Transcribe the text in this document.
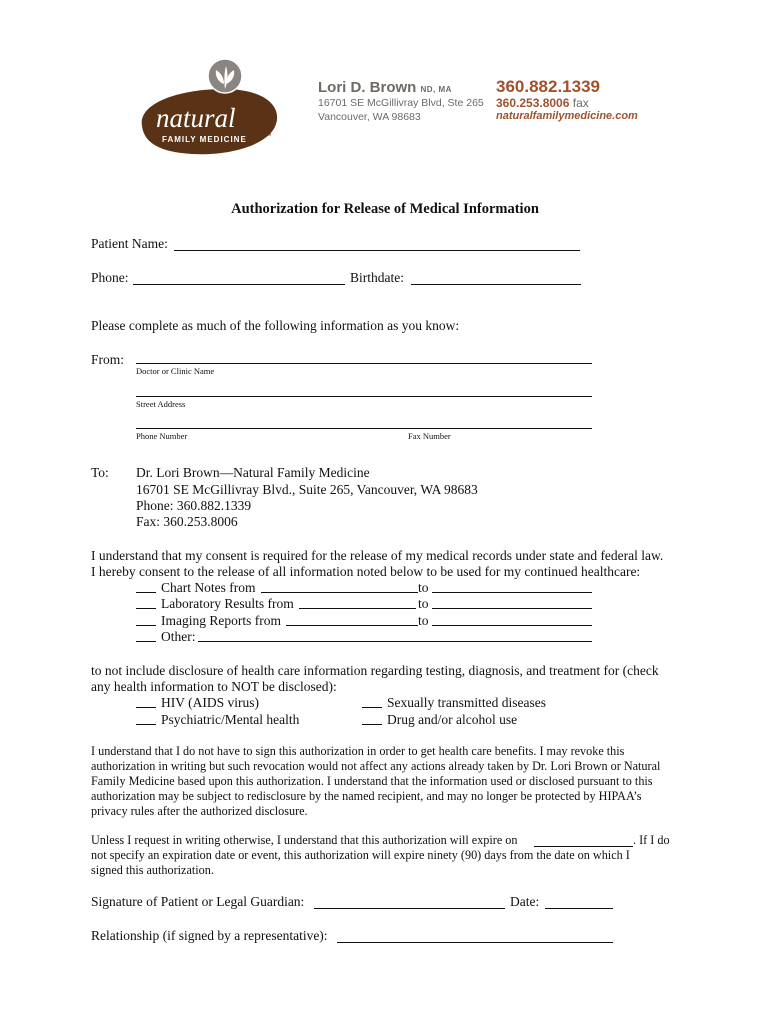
natural
FAMILY MEDICINE	TM
Lori D. Brown ND, MA
16701 SE McGillivray Blvd, Ste 265
Vancouver, WA 98683
360.882.1339
360.253.8006 fax
naturalfamilymedicine.com
Authorization for Release of Medical Information
Patient Name:
Phone:	Birthdate:
Please complete as much of the following information as you know:
From:
Doctor or Clinic Name
Street Address
Phone Number	Fax Number
To: Dr. Lori Brown—Natural Family Medicine
16701 SE McGillivray Blvd., Suite 265, Vancouver, WA 98683
Phone: 360.882.1339
Fax: 360.253.8006
I understand that my consent is required for the release of my medical records under state and federal law.
I hereby consent to the release of all information noted below to be used for my continued healthcare:
Chart Notes from	to
Laboratory Results from	to
Imaging Reports from	to
Other:
to not include disclosure of health care information regarding testing, diagnosis, and treatment for (check
any health information to NOT be disclosed):
HIV (AIDS virus)	Sexually transmitted diseases
Psychiatric/Mental health	Drug and/or alcohol use
I understand that I do not have to sign this authorization in order to get health care benefits. I may revoke this authorization in writing but such revocation would not affect any actions already taken by Dr. Lori Brown or Natural Family Medicine based upon this authorization. I understand that the information used or disclosed pursuant to this authorization may be subject to redisclosure by the named recipient, and may no longer be protected by HIPAA’s privacy rules after the authorized disclosure.
Unless I request in writing otherwise, I understand that this authorization will expire on	. If I do
not specify an expiration date or event, this authorization will expire ninety (90) days from the date on which I
signed this authorization.
Signature of Patient or Legal Guardian:	Date:
Relationship (if signed by a representative):
